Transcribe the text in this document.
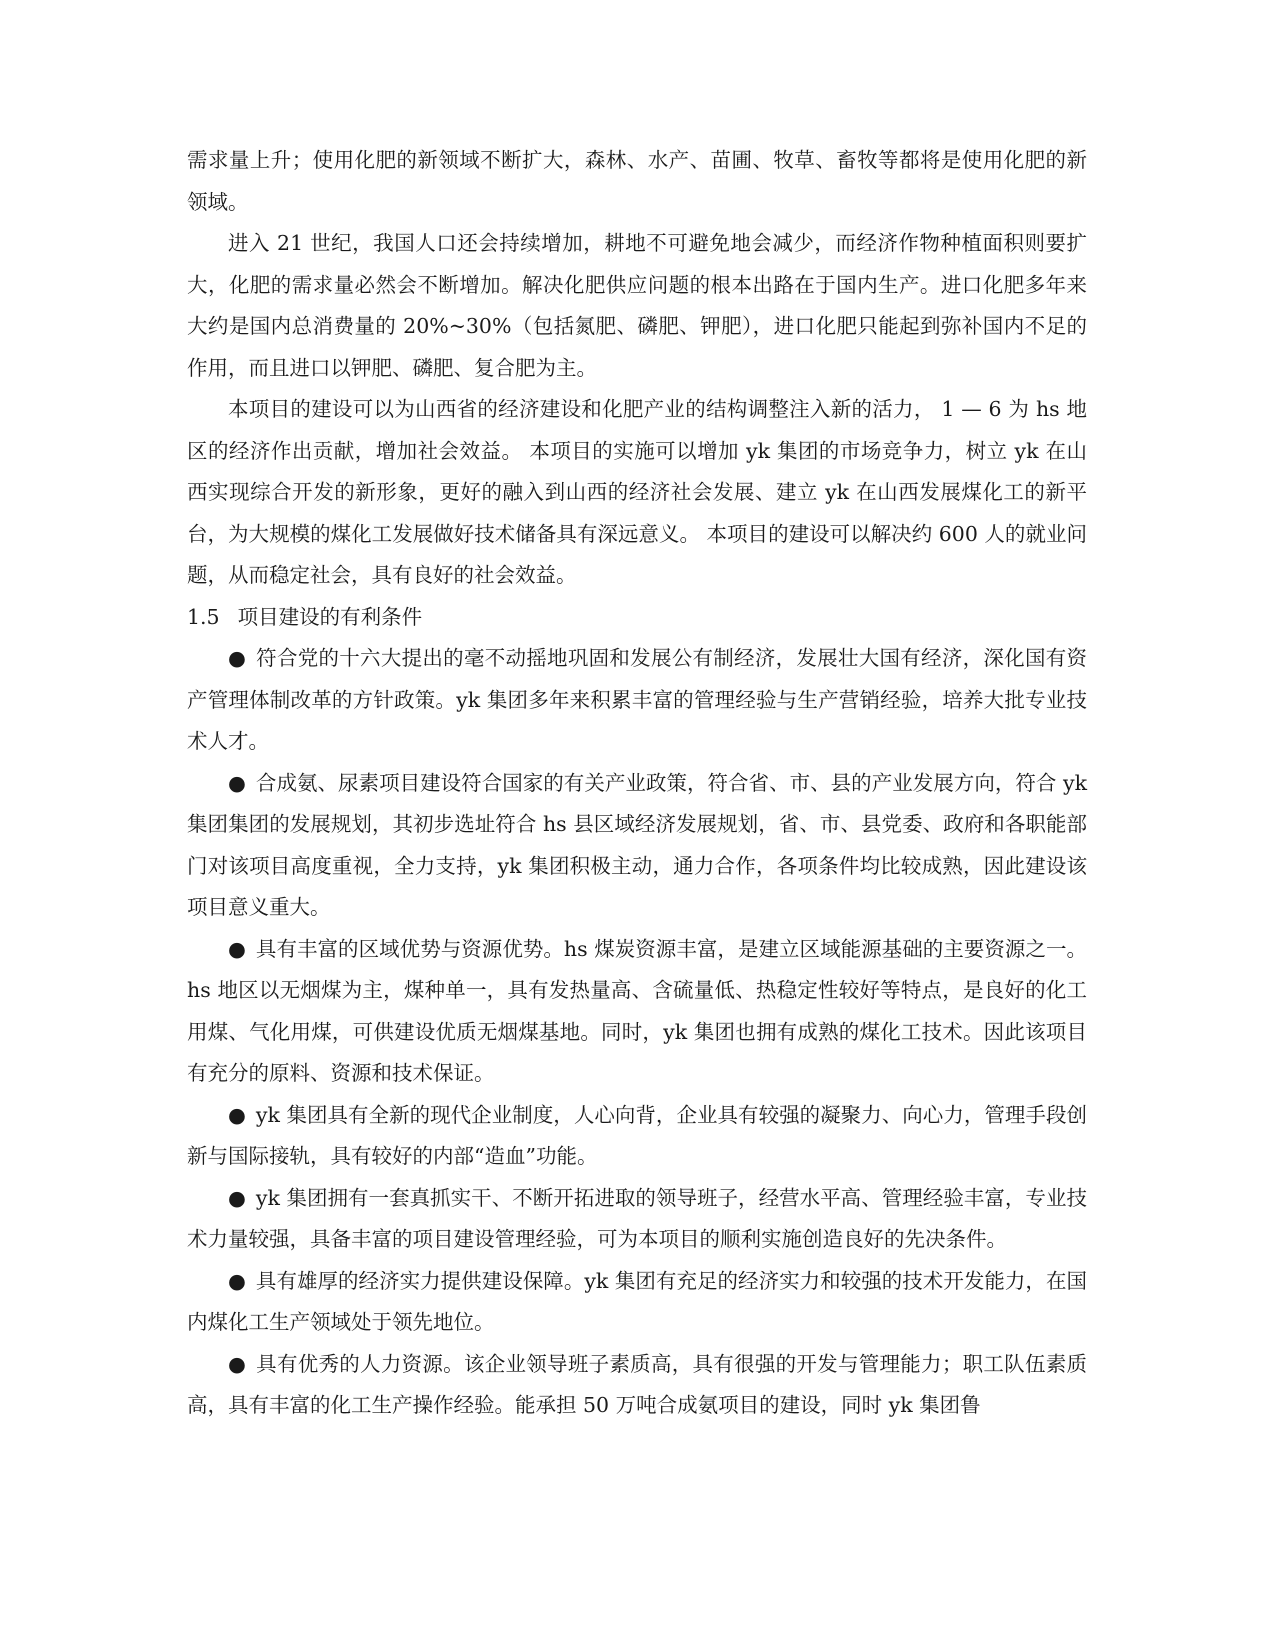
需求量上升；使用化肥的新领域不断扩大，森林、水产、苗圃、牧草、畜牧等都将是使用化肥的新领域。

进入 21 世纪，我国人口还会持续增加，耕地不可避免地会减少，而经济作物种植面积则要扩大，化肥的需求量必然会不断增加。解决化肥供应问题的根本出路在于国内生产。进口化肥多年来大约是国内总消费量的 20%~30%（包括氮肥、磷肥、钾肥），进口化肥只能起到弥补国内不足的作用，而且进口以钾肥、磷肥、复合肥为主。

本项目的建设可以为山西省的经济建设和化肥产业的结构调整注入新的活力， 1 — 6 为 hs 地区的经济作出贡献，增加社会效益。 本项目的实施可以增加 yk 集团的市场竞争力，树立 yk 在山西实现综合开发的新形象，更好的融入到山西的经济社会发展、建立 yk 在山西发展煤化工的新平台，为大规模的煤化工发展做好技术储备具有深远意义。 本项目的建设可以解决约 600 人的就业问题，从而稳定社会，具有良好的社会效益。

1.5 项目建设的有利条件

● 符合党的十六大提出的毫不动摇地巩固和发展公有制经济，发展壮大国有经济，深化国有资产管理体制改革的方针政策。yk 集团多年来积累丰富的管理经验与生产营销经验，培养大批专业技术人才。

● 合成氨、尿素项目建设符合国家的有关产业政策，符合省、市、县的产业发展方向，符合 yk 集团集团的发展规划，其初步选址符合 hs 县区域经济发展规划，省、市、县党委、政府和各职能部门对该项目高度重视，全力支持，yk 集团积极主动，通力合作，各项条件均比较成熟，因此建设该项目意义重大。

● 具有丰富的区域优势与资源优势。hs 煤炭资源丰富，是建立区域能源基础的主要资源之一。hs 地区以无烟煤为主，煤种单一，具有发热量高、含硫量低、热稳定性较好等特点，是良好的化工用煤、气化用煤，可供建设优质无烟煤基地。同时，yk 集团也拥有成熟的煤化工技术。因此该项目有充分的原料、资源和技术保证。

● yk 集团具有全新的现代企业制度，人心向背，企业具有较强的凝聚力、向心力，管理手段创新与国际接轨，具有较好的内部“造血”功能。

● yk 集团拥有一套真抓实干、不断开拓进取的领导班子，经营水平高、管理经验丰富，专业技术力量较强，具备丰富的项目建设管理经验，可为本项目的顺利实施创造良好的先决条件。

● 具有雄厚的经济实力提供建设保障。yk 集团有充足的经济实力和较强的技术开发能力，在国内煤化工生产领域处于领先地位。

● 具有优秀的人力资源。该企业领导班子素质高，具有很强的开发与管理能力；职工队伍素质高，具有丰富的化工生产操作经验。能承担 50 万吨合成氨项目的建设，同时 yk 集团鲁
